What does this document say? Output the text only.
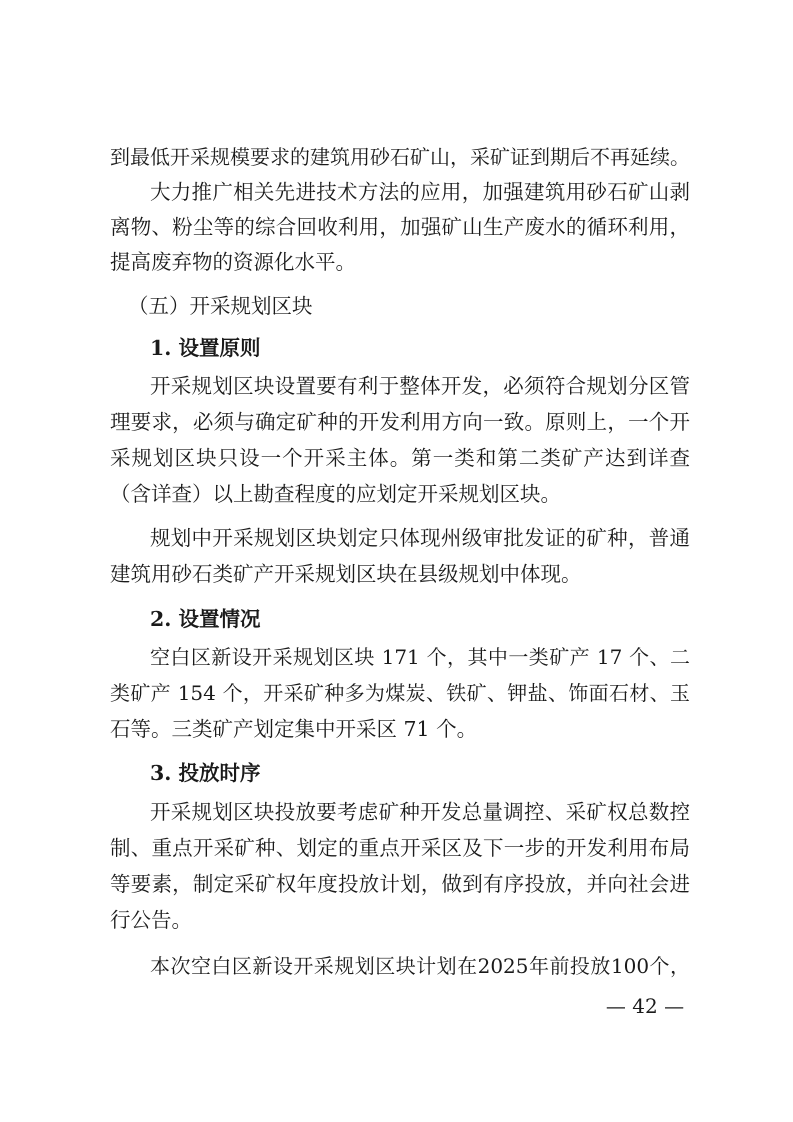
到最低开采规模要求的建筑用砂石矿山，采矿证到期后不再延续。
大力推广相关先进技术方法的应用，加强建筑用砂石矿山剥
离物、粉尘等的综合回收利用，加强矿山生产废水的循环利用，
提高废弃物的资源化水平。
（五）开采规划区块
1. 设置原则
开采规划区块设置要有利于整体开发，必须符合规划分区管
理要求，必须与确定矿种的开发利用方向一致。原则上，一个开
采规划区块只设一个开采主体。第一类和第二类矿产达到详查
（含详查）以上勘查程度的应划定开采规划区块。
规划中开采规划区块划定只体现州级审批发证的矿种，普通
建筑用砂石类矿产开采规划区块在县级规划中体现。
2. 设置情况
空白区新设开采规划区块 171 个，其中一类矿产 17 个、二
类矿产 154 个，开采矿种多为煤炭、铁矿、钾盐、饰面石材、玉
石等。三类矿产划定集中开采区 71 个。
3. 投放时序
开采规划区块投放要考虑矿种开发总量调控、采矿权总数控
制、重点开采矿种、划定的重点开采区及下一步的开发利用布局
等要素，制定采矿权年度投放计划，做到有序投放，并向社会进
行公告。
本次空白区新设开采规划区块计划在2025年前投放100个，
— 42 —
